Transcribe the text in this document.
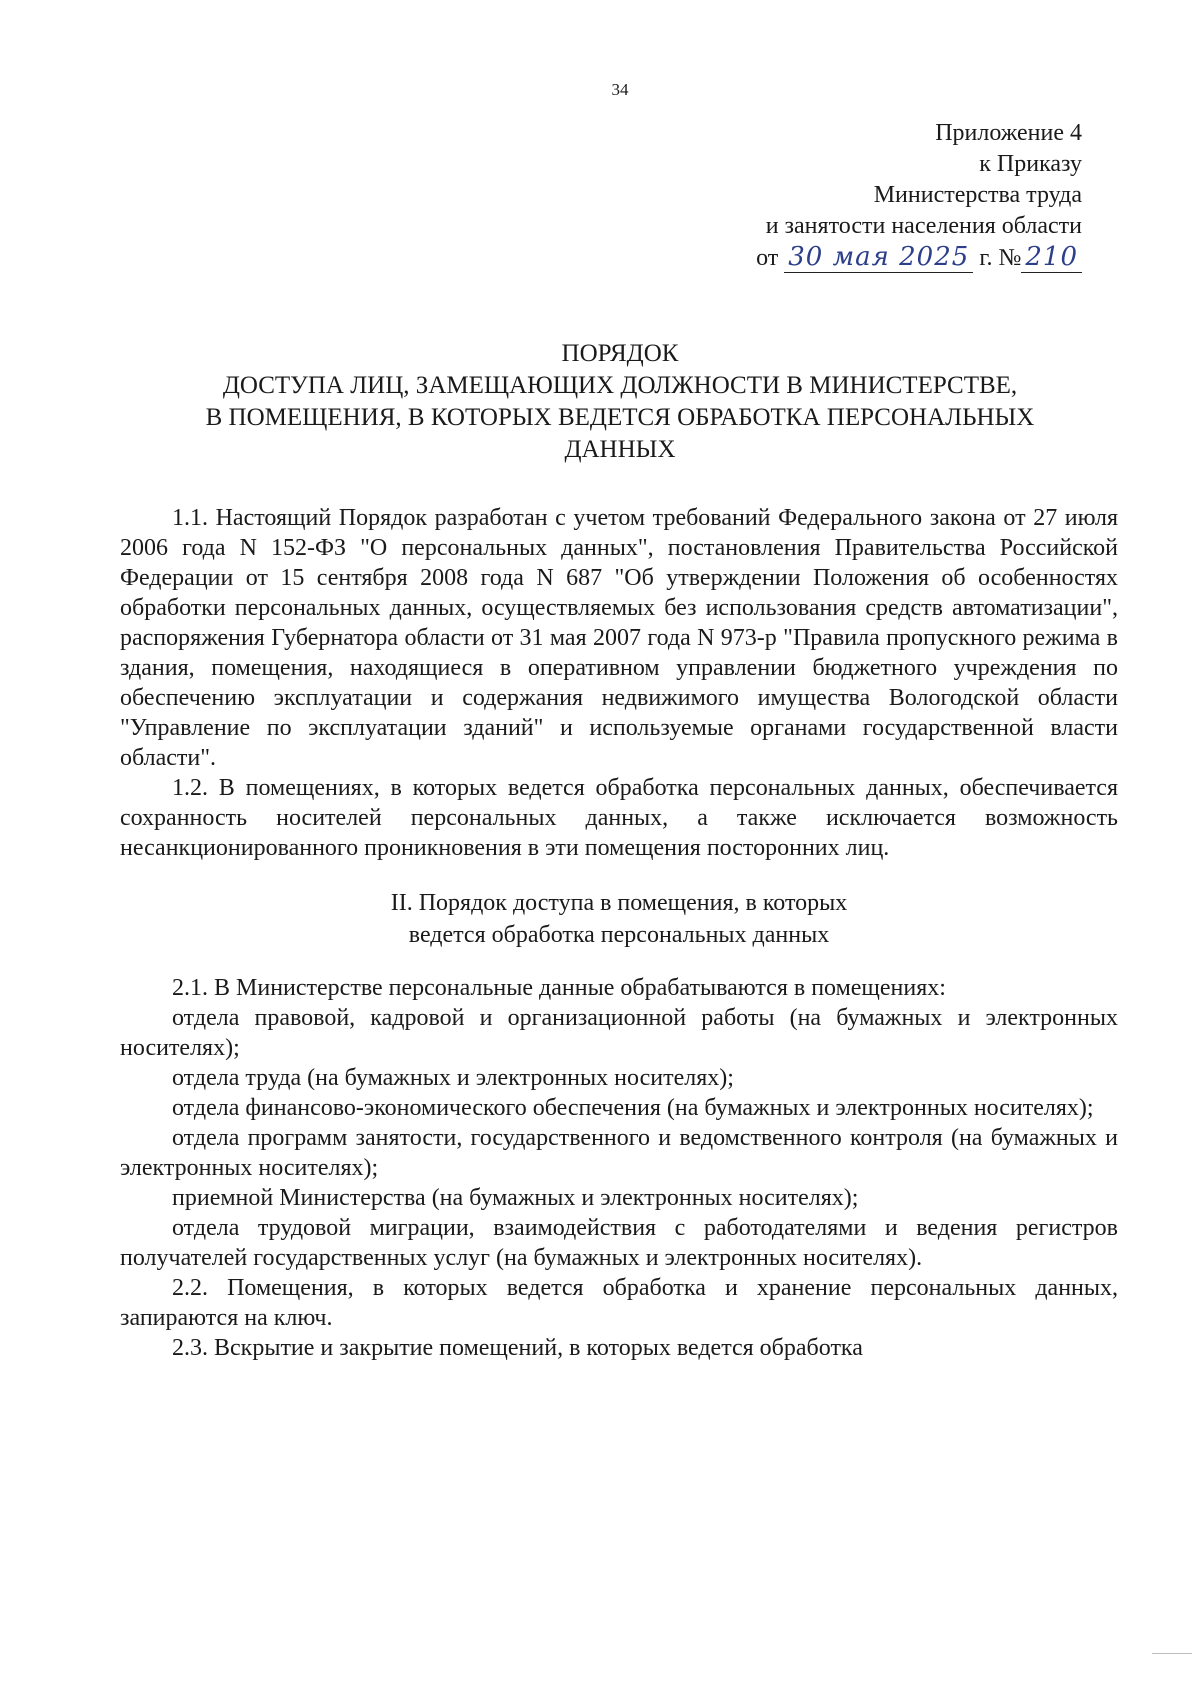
34
Приложение 4
к Приказу
Министерства труда
и занятости населения области
от 30 мая 2025 г. № 210
ПОРЯДОК
ДОСТУПА ЛИЦ, ЗАМЕЩАЮЩИХ ДОЛЖНОСТИ В МИНИСТЕРСТВЕ,
В ПОМЕЩЕНИЯ, В КОТОРЫХ ВЕДЕТСЯ ОБРАБОТКА ПЕРСОНАЛЬНЫХ
ДАННЫХ

1.1. Настоящий Порядок разработан с учетом требований Федерального закона от 27 июля 2006 года N 152-ФЗ "О персональных данных", постановления Правительства Российской Федерации от 15 сентября 2008 года N 687 "Об утверждении Положения об особенностях обработки персональных данных, осуществляемых без использования средств автоматизации", распоряжения Губернатора области от 31 мая 2007 года N 973-р "Правила пропускного режима в здания, помещения, находящиеся в оперативном управлении бюджетного учреждения по обеспечению эксплуатации и содержания недвижимого имущества Вологодской области "Управление по эксплуатации зданий" и используемые органами государственной власти области".

1.2. В помещениях, в которых ведется обработка персональных данных, обеспечивается сохранность носителей персональных данных, а также исключается возможность несанкционированного проникновения в эти помещения посторонних лиц.

II. Порядок доступа в помещения, в которых
ведется обработка персональных данных

2.1. В Министерстве персональные данные обрабатываются в помещениях:

отдела правовой, кадровой и организационной работы (на бумажных и электронных носителях);

отдела труда (на бумажных и электронных носителях);

отдела финансово-экономического обеспечения (на бумажных и электронных носителях);

отдела программ занятости, государственного и ведомственного контроля (на бумажных и электронных носителях);

приемной Министерства (на бумажных и электронных носителях);

отдела трудовой миграции, взаимодействия с работодателями и ведения регистров получателей государственных услуг (на бумажных и электронных носителях).

2.2. Помещения, в которых ведется обработка и хранение персональных данных, запираются на ключ.

2.3. Вскрытие и закрытие помещений, в которых ведется обработка
